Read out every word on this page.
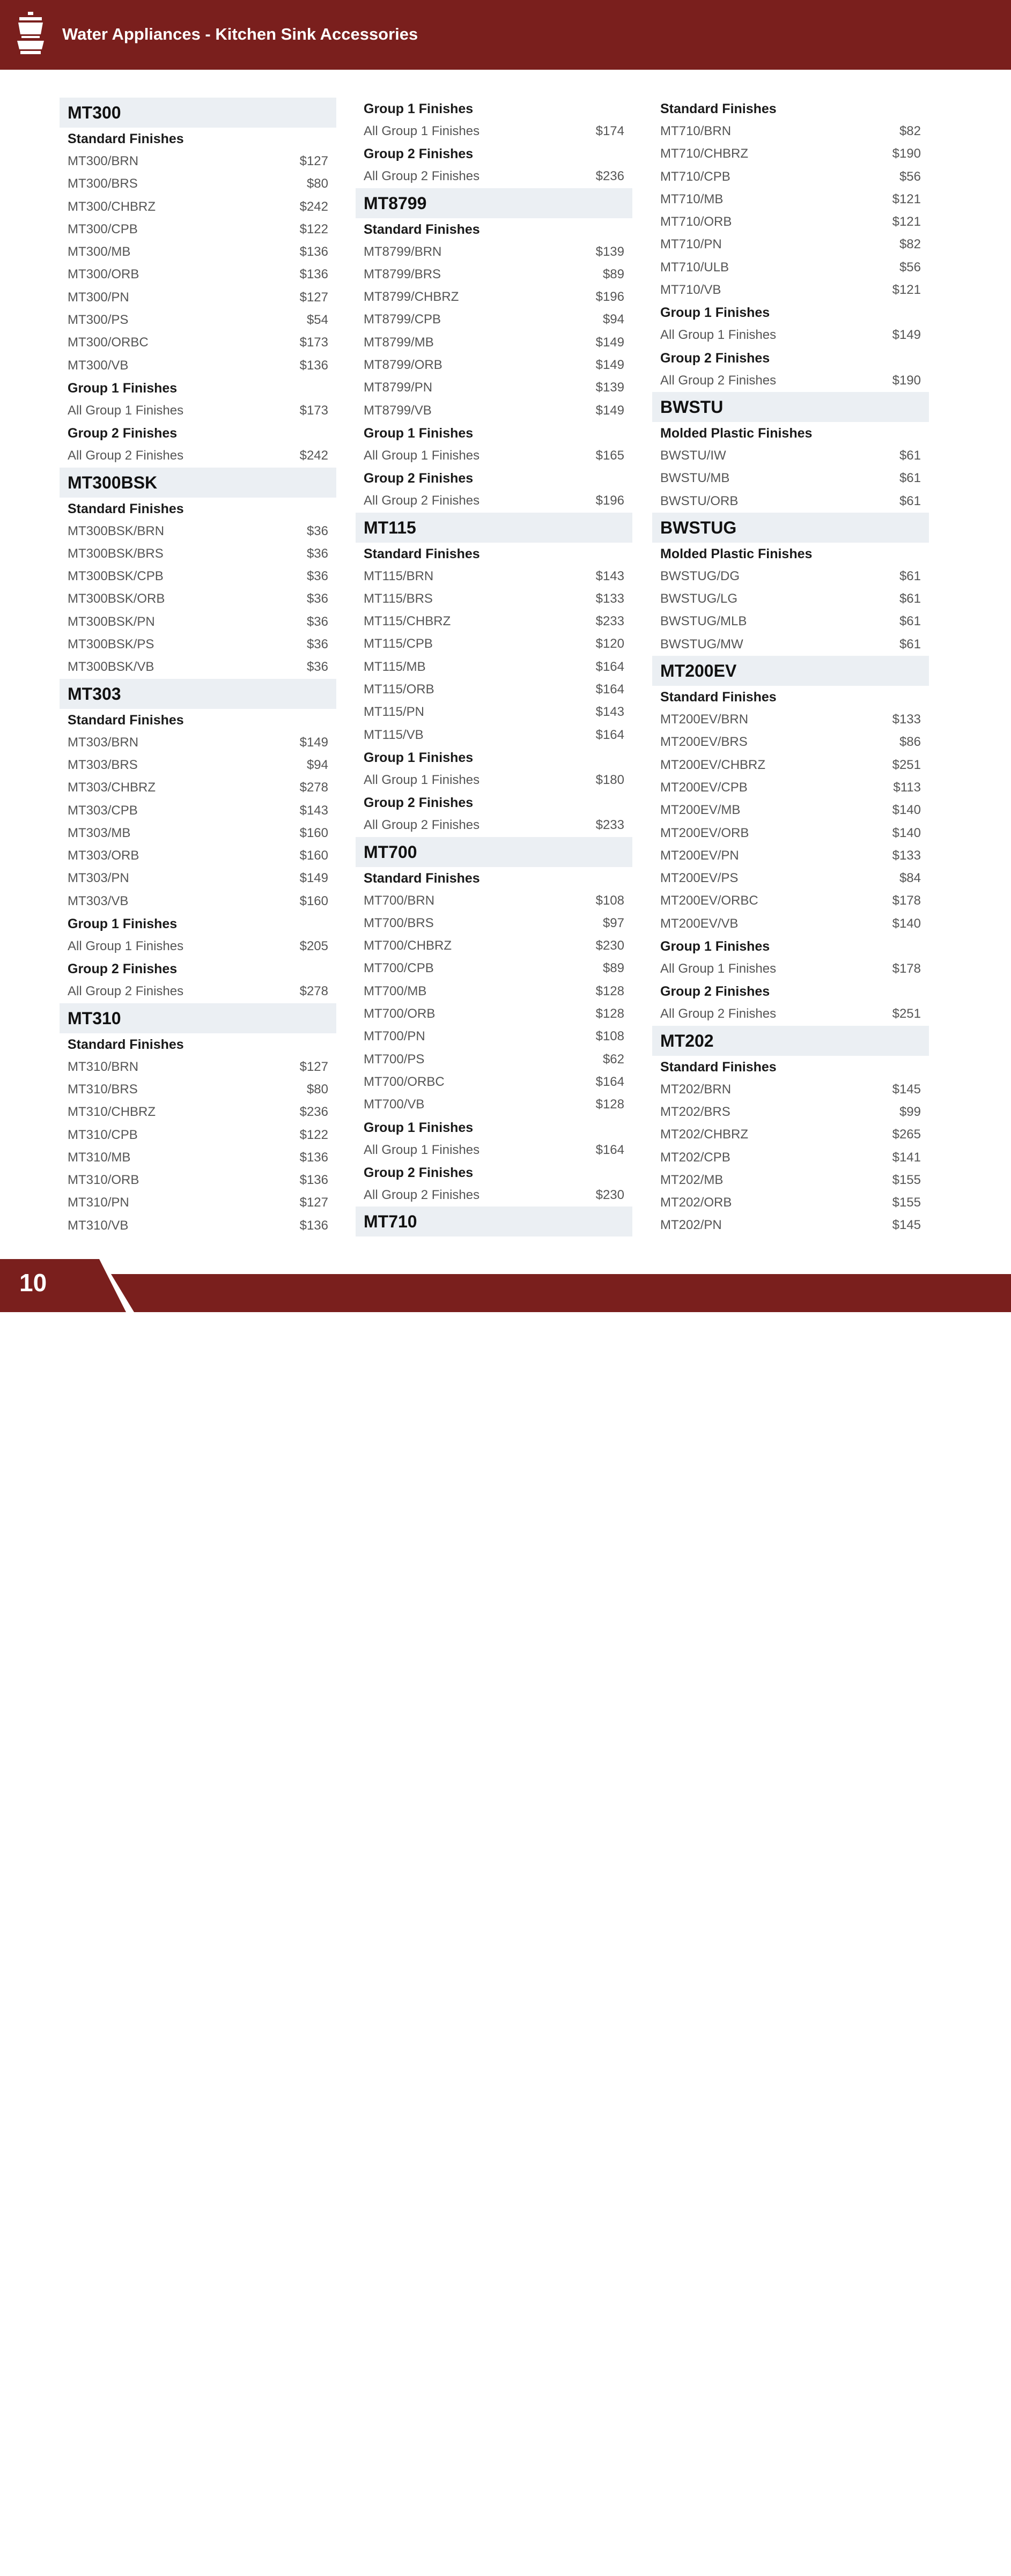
Water Appliances - Kitchen Sink Accessories
MT300
Standard Finishes
MT300/BRN	$127
MT300/BRS	$80
MT300/CHBRZ	$242
MT300/CPB	$122
MT300/MB	$136
MT300/ORB	$136
MT300/PN	$127
MT300/PS	$54
MT300/ORBC	$173
MT300/VB	$136
Group 1 Finishes
All Group 1 Finishes	$173
Group 2 Finishes
All Group 2 Finishes	$242
MT300BSK
Standard Finishes
MT300BSK/BRN	$36
MT300BSK/BRS	$36
MT300BSK/CPB	$36
MT300BSK/ORB	$36
MT300BSK/PN	$36
MT300BSK/PS	$36
MT300BSK/VB	$36
MT303
Standard Finishes
MT303/BRN	$149
MT303/BRS	$94
MT303/CHBRZ	$278
MT303/CPB	$143
MT303/MB	$160
MT303/ORB	$160
MT303/PN	$149
MT303/VB	$160
Group 1 Finishes
All Group 1 Finishes	$205
Group 2 Finishes
All Group 2 Finishes	$278
MT310
Standard Finishes
MT310/BRN	$127
MT310/BRS	$80
MT310/CHBRZ	$236
MT310/CPB	$122
MT310/MB	$136
MT310/ORB	$136
MT310/PN	$127
MT310/VB	$136
Group 1 Finishes
All Group 1 Finishes	$174
Group 2 Finishes
All Group 2 Finishes	$236
MT8799
Standard Finishes
MT8799/BRN	$139
MT8799/BRS	$89
MT8799/CHBRZ	$196
MT8799/CPB	$94
MT8799/MB	$149
MT8799/ORB	$149
MT8799/PN	$139
MT8799/VB	$149
Group 1 Finishes
All Group 1 Finishes	$165
Group 2 Finishes
All Group 2 Finishes	$196
MT115
Standard Finishes
MT115/BRN	$143
MT115/BRS	$133
MT115/CHBRZ	$233
MT115/CPB	$120
MT115/MB	$164
MT115/ORB	$164
MT115/PN	$143
MT115/VB	$164
Group 1 Finishes
All Group 1 Finishes	$180
Group 2 Finishes
All Group 2 Finishes	$233
MT700
Standard Finishes
MT700/BRN	$108
MT700/BRS	$97
MT700/CHBRZ	$230
MT700/CPB	$89
MT700/MB	$128
MT700/ORB	$128
MT700/PN	$108
MT700/PS	$62
MT700/ORBC	$164
MT700/VB	$128
Group 1 Finishes
All Group 1 Finishes	$164
Group 2 Finishes
All Group 2 Finishes	$230
MT710
Standard Finishes
MT710/BRN	$82
MT710/CHBRZ	$190
MT710/CPB	$56
MT710/MB	$121
MT710/ORB	$121
MT710/PN	$82
MT710/ULB	$56
MT710/VB	$121
Group 1 Finishes
All Group 1 Finishes	$149
Group 2 Finishes
All Group 2 Finishes	$190
BWSTU
Molded Plastic Finishes
BWSTU/IW	$61
BWSTU/MB	$61
BWSTU/ORB	$61
BWSTUG
Molded Plastic Finishes
BWSTUG/DG	$61
BWSTUG/LG	$61
BWSTUG/MLB	$61
BWSTUG/MW	$61
MT200EV
Standard Finishes
MT200EV/BRN	$133
MT200EV/BRS	$86
MT200EV/CHBRZ	$251
MT200EV/CPB	$113
MT200EV/MB	$140
MT200EV/ORB	$140
MT200EV/PN	$133
MT200EV/PS	$84
MT200EV/ORBC	$178
MT200EV/VB	$140
Group 1 Finishes
All Group 1 Finishes	$178
Group 2 Finishes
All Group 2 Finishes	$251
MT202
Standard Finishes
MT202/BRN	$145
MT202/BRS	$99
MT202/CHBRZ	$265
MT202/CPB	$141
MT202/MB	$155
MT202/ORB	$155
MT202/PN	$145
Phone: 972.456.3273     Fax: 972.456.2719     orders@mountainplumbing.com
10
